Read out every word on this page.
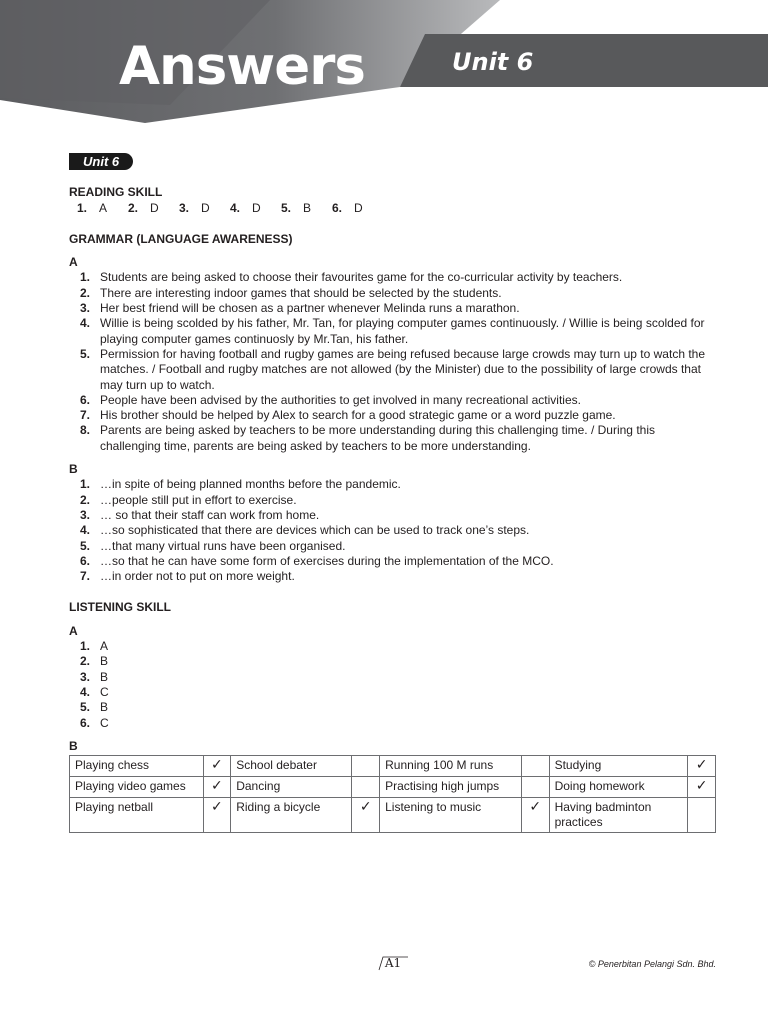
Answers	Unit 6
Unit 6
READING SKILL
1. A 2. D 3. D 4. D 5. B 6. D
GRAMMAR (LANGUAGE AWARENESS)
A
1. Students are being asked to choose their favourites game for the co-curricular activity by teachers.
2. There are interesting indoor games that should be selected by the students.
3. Her best friend will be chosen as a partner whenever Melinda runs a marathon.
4. Willie is being scolded by his father, Mr. Tan, for playing computer games continuously. / Willie is being scolded for playing computer games continuosly by Mr.Tan, his father.
5. Permission for having football and rugby games are being refused because large crowds may turn up to watch the matches. / Football and rugby matches are not allowed (by the Minister) due to the possibility of large crowds that may turn up to watch.
6. People have been advised by the authorities to get involved in many recreational activities.
7. His brother should be helped by Alex to search for a good strategic game or a word puzzle game.
8. Parents are being asked by teachers to be more understanding during this challenging time. / During this challenging time, parents are being asked by teachers to be more understanding.
B
1. …in spite of being planned months before the pandemic.
2. …people still put in effort to exercise.
3. … so that their staff can work from home.
4. …so sophisticated that there are devices which can be used to track one’s steps.
5. …that many virtual runs have been organised.
6. …so that he can have some form of exercises during the implementation of the MCO.
7. …in order not to put on more weight.
LISTENING SKILL
A
1. A
2. B
3. B
4. C
5. B
6. C
B
Playing chess	✓	School debater		Running 100 M runs		Studying	✓
Playing video games	✓	Dancing		Practising high jumps		Doing homework	✓
Playing netball	✓	Riding a bicycle	✓	Listening to music	✓	Having badminton practices	
A1	© Penerbitan Pelangi Sdn. Bhd.
